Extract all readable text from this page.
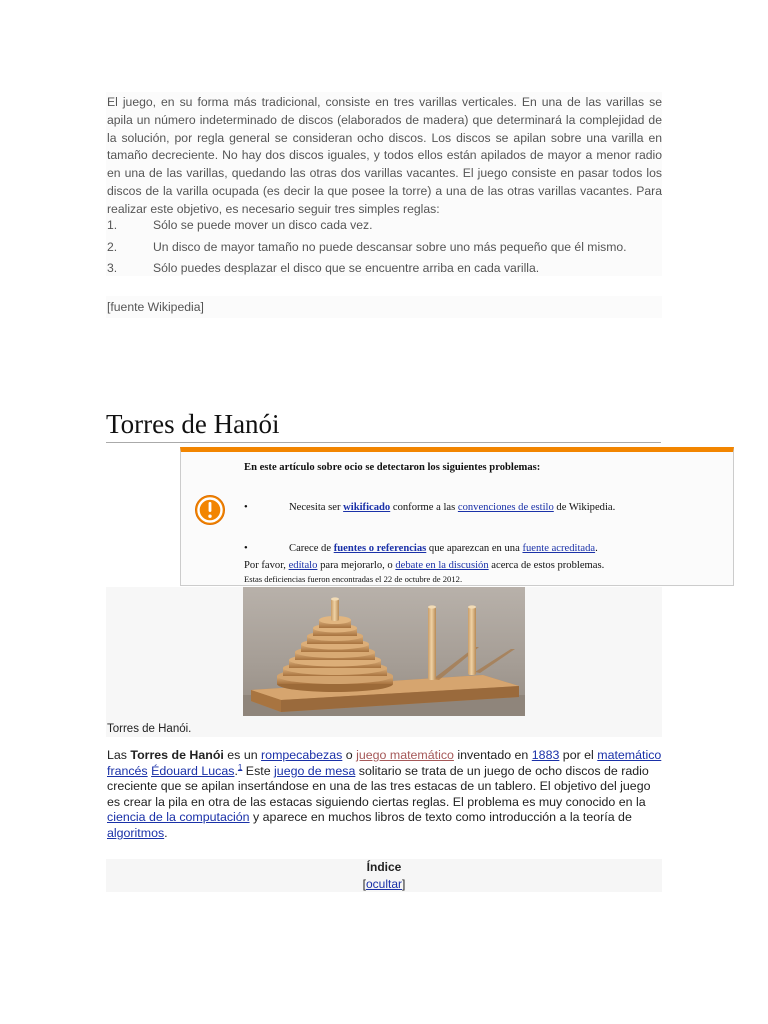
El juego, en su forma más tradicional, consiste en tres varillas verticales. En una de las varillas se apila un número indeterminado de discos (elaborados de madera) que determinará la complejidad de la solución, por regla general se consideran ocho discos. Los discos se apilan sobre una varilla en tamaño decreciente. No hay dos discos iguales, y todos ellos están apilados de mayor a menor radio en una de las varillas, quedando las otras dos varillas vacantes. El juego consiste en pasar todos los discos de la varilla ocupada (es decir la que posee la torre) a una de las otras varillas vacantes. Para realizar este objetivo, es necesario seguir tres simples reglas:
1.	Sólo se puede mover un disco cada vez.
2.	Un disco de mayor tamaño no puede descansar sobre uno más pequeño que él mismo.
3.	Sólo puedes desplazar el disco que se encuentre arriba en cada varilla.
[fuente Wikipedia]
Torres de Hanói
En este artículo sobre ocio se detectaron los siguientes problemas:
•	Necesita ser wikificado conforme a las convenciones de estilo de Wikipedia.
•	Carece de fuentes o referencias que aparezcan en una fuente acreditada.
Por favor, edítalo para mejorarlo, o debate en la discusión acerca de estos problemas.
Estas deficiencias fueron encontradas el 22 de octubre de 2012.
Torres de Hanói.
Las Torres de Hanói es un rompecabezas o juego matemático inventado en 1883 por el matemático francés Édouard Lucas.$^1$ Este juego de mesa solitario se trata de un juego de ocho discos de radio creciente que se apilan insertándose en una de las tres estacas de un tablero. El objetivo del juego es crear la pila en otra de las estacas siguiendo ciertas reglas. El problema es muy conocido en la ciencia de la computación y aparece en muchos libros de texto como introducción a la teoría de algoritmos.
Índice
[ocultar]
